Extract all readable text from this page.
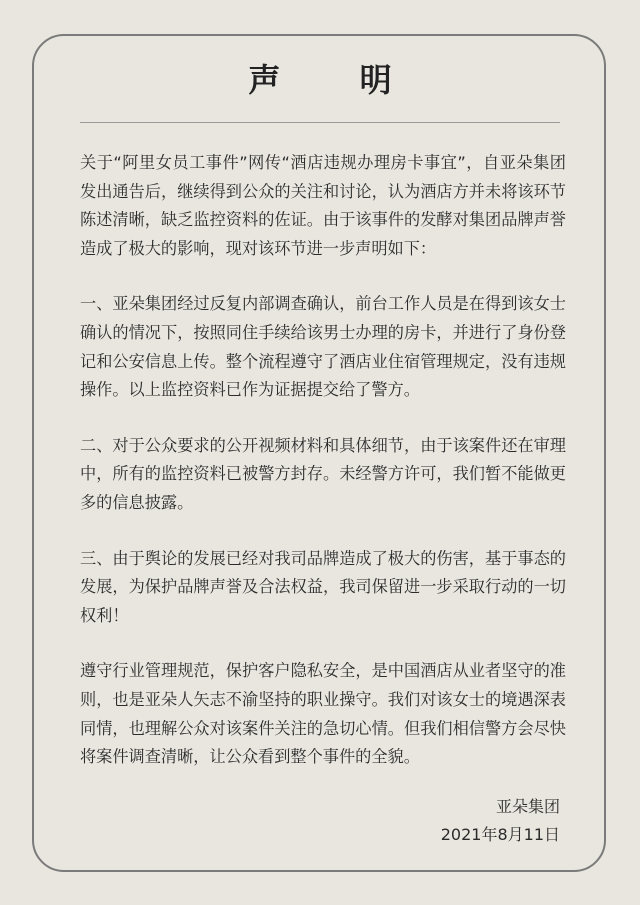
声 明

关于“阿里女员工事件”网传“酒店违规办理房卡事宜”，自亚朵集团发出通告后，继续得到公众的关注和讨论，认为酒店方并未将该环节陈述清晰，缺乏监控资料的佐证。由于该事件的发酵对集团品牌声誉造成了极大的影响，现对该环节进一步声明如下：

一、亚朵集团经过反复内部调查确认，前台工作人员是在得到该女士确认的情况下，按照同住手续给该男士办理的房卡，并进行了身份登记和公安信息上传。整个流程遵守了酒店业住宿管理规定，没有违规操作。以上监控资料已作为证据提交给了警方。

二、对于公众要求的公开视频材料和具体细节，由于该案件还在审理中，所有的监控资料已被警方封存。未经警方许可，我们暂不能做更多的信息披露。

三、由于舆论的发展已经对我司品牌造成了极大的伤害，基于事态的发展，为保护品牌声誉及合法权益，我司保留进一步采取行动的一切权利！

遵守行业管理规范，保护客户隐私安全，是中国酒店从业者坚守的准则，也是亚朵人矢志不渝坚持的职业操守。我们对该女士的境遇深表同情，也理解公众对该案件关注的急切心情。但我们相信警方会尽快将案件调查清晰，让公众看到整个事件的全貌。

亚朵集团
2021年8月11日
